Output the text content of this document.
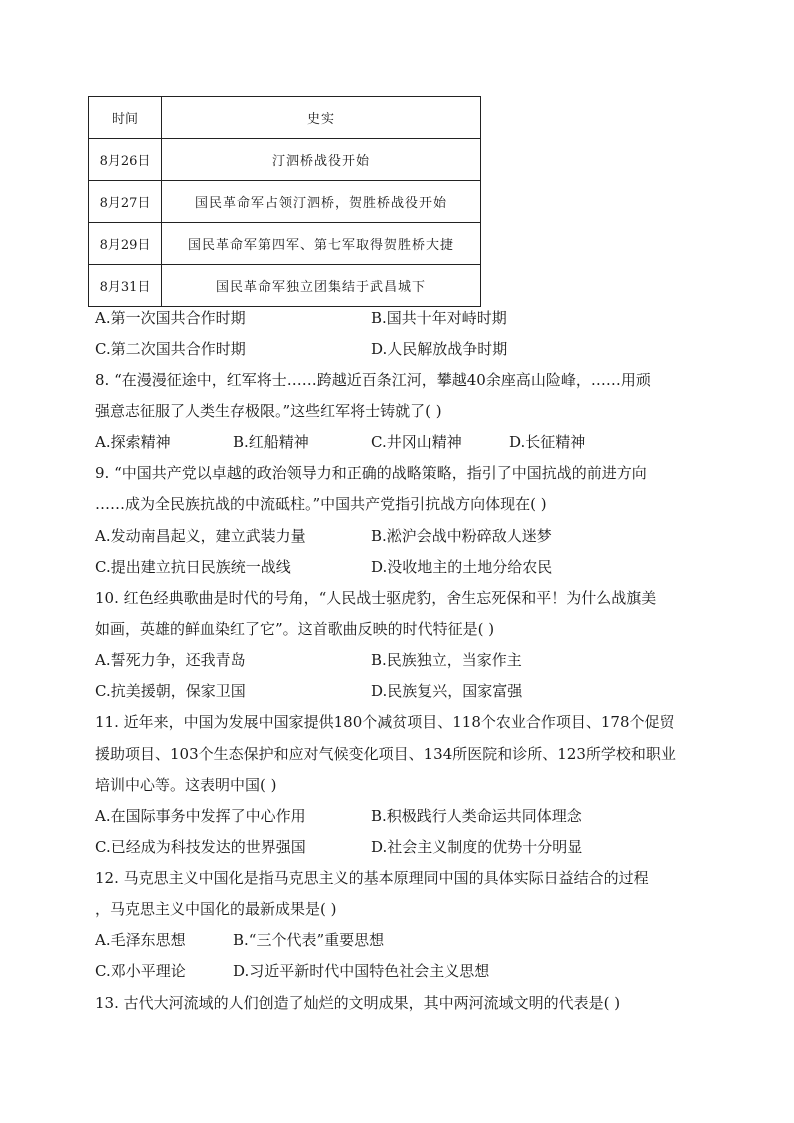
时间	史实
8月26日	汀泗桥战役开始
8月27日	国民革命军占领汀泗桥，贺胜桥战役开始
8月29日	国民革命军第四军、第七军取得贺胜桥大捷
8月31日	国民革命军独立团集结于武昌城下
A.第一次国共合作时期	B.国共十年对峙时期
C.第二次国共合作时期	D.人民解放战争时期
8. “在漫漫征途中，红军将士……跨越近百条江河，攀越40余座高山险峰，……用顽
强意志征服了人类生存极限。”这些红军将士铸就了( )
A.探索精神	B.红船精神	C.井冈山精神	D.长征精神
9. “中国共产党以卓越的政治领导力和正确的战略策略，指引了中国抗战的前进方向
……成为全民族抗战的中流砥柱。”中国共产党指引抗战方向体现在( )
A.发动南昌起义，建立武装力量	B.淞沪会战中粉碎敌人迷梦
C.提出建立抗日民族统一战线	D.没收地主的土地分给农民
10. 红色经典歌曲是时代的号角，“人民战士驱虎豹，舍生忘死保和平！为什么战旗美
如画，英雄的鲜血染红了它”。这首歌曲反映的时代特征是( )
A.誓死力争，还我青岛	B.民族独立，当家作主
C.抗美援朝，保家卫国	D.民族复兴，国家富强
11. 近年来，中国为发展中国家提供180个减贫项目、118个农业合作项目、178个促贸
援助项目、103个生态保护和应对气候变化项目、134所医院和诊所、123所学校和职业
培训中心等。这表明中国( )
A.在国际事务中发挥了中心作用	B.积极践行人类命运共同体理念
C.已经成为科技发达的世界强国	D.社会主义制度的优势十分明显
12. 马克思主义中国化是指马克思主义的基本原理同中国的具体实际日益结合的过程
，马克思主义中国化的最新成果是( )
A.毛泽东思想	B.“三个代表”重要思想
C.邓小平理论	D.习近平新时代中国特色社会主义思想
13. 古代大河流域的人们创造了灿烂的文明成果，其中两河流域文明的代表是( )
